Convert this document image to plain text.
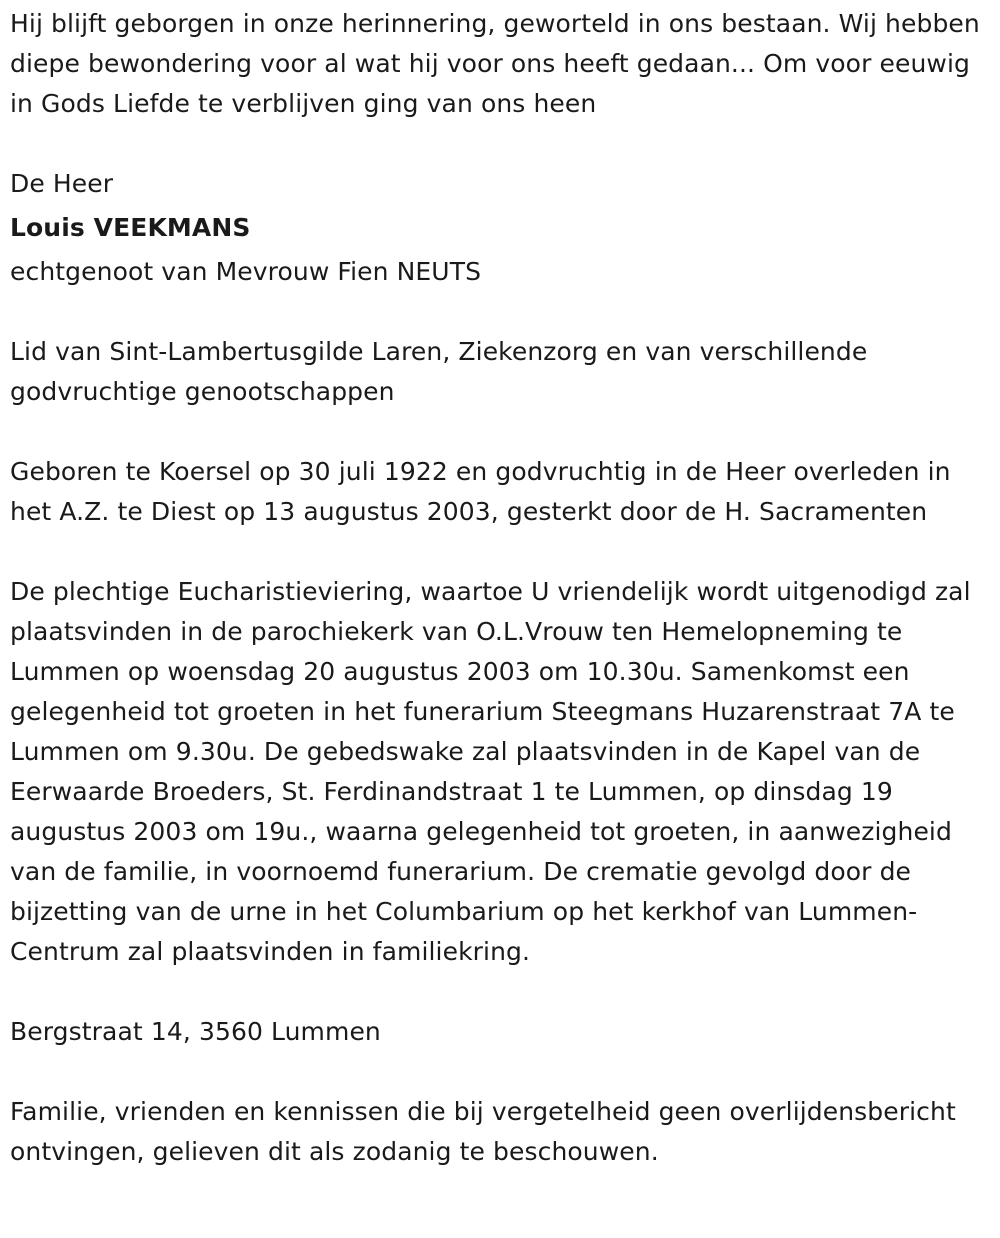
Hij blijft geborgen in onze herinnering, geworteld in ons bestaan. Wij hebben diepe bewondering voor al wat hij voor ons heeft gedaan... Om voor eeuwig in Gods Liefde te verblijven ging van ons heen

De Heer

Louis VEEKMANS

echtgenoot van Mevrouw Fien NEUTS

Lid van Sint-Lambertusgilde Laren, Ziekenzorg en van verschillende godvruchtige genootschappen

Geboren te Koersel op 30 juli 1922 en godvruchtig in de Heer overleden in het A.Z. te Diest op 13 augustus 2003, gesterkt door de H. Sacramenten

De plechtige Eucharistieviering, waartoe U vriendelijk wordt uitgenodigd zal plaatsvinden in de parochiekerk van O.L.Vrouw ten Hemelopneming te Lummen op woensdag 20 augustus 2003 om 10.30u. Samenkomst een gelegenheid tot groeten in het funerarium Steegmans Huzarenstraat 7A te Lummen om 9.30u. De gebedswake zal plaatsvinden in de Kapel van de Eerwaarde Broeders, St. Ferdinandstraat 1 te Lummen, op dinsdag 19 augustus 2003 om 19u., waarna gelegenheid tot groeten, in aanwezigheid van de familie, in voornoemd funerarium. De crematie gevolgd door de bijzetting van de urne in het Columbarium op het kerkhof van Lummen-Centrum zal plaatsvinden in familiekring.

Bergstraat 14, 3560 Lummen

Familie, vrienden en kennissen die bij vergetelheid geen overlijdensbericht ontvingen, gelieven dit als zodanig te beschouwen.
